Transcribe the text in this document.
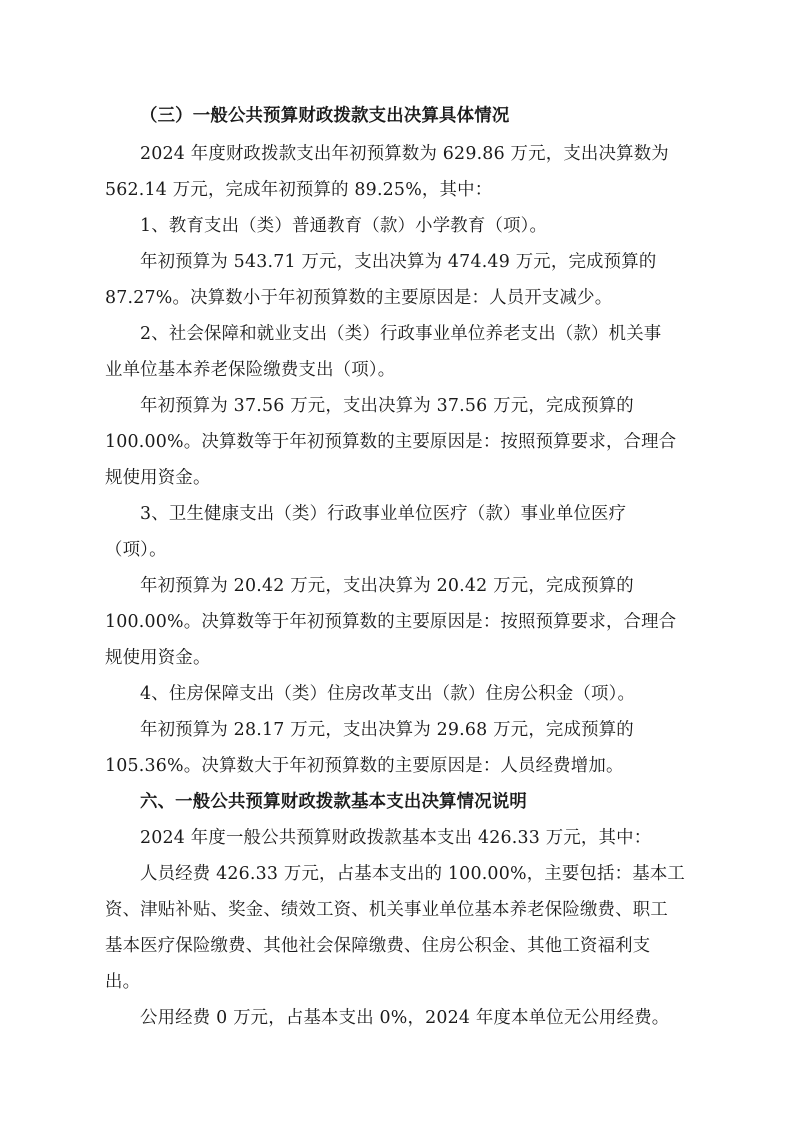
（三）一般公共预算财政拨款支出决算具体情况
2024 年度财政拨款支出年初预算数为 629.86 万元，支出决算数为
562.14 万元，完成年初预算的 89.25%，其中：
1、教育支出（类）普通教育（款）小学教育（项）。
年初预算为 543.71 万元，支出决算为 474.49 万元，完成预算的
87.27%。决算数小于年初预算数的主要原因是：人员开支减少。
2、社会保障和就业支出（类）行政事业单位养老支出（款）机关事
业单位基本养老保险缴费支出（项）。
年初预算为 37.56 万元，支出决算为 37.56 万元，完成预算的
100.00%。决算数等于年初预算数的主要原因是：按照预算要求，合理合
规使用资金。
3、卫生健康支出（类）行政事业单位医疗（款）事业单位医疗
（项）。
年初预算为 20.42 万元，支出决算为 20.42 万元，完成预算的
100.00%。决算数等于年初预算数的主要原因是：按照预算要求，合理合
规使用资金。
4、住房保障支出（类）住房改革支出（款）住房公积金（项）。
年初预算为 28.17 万元，支出决算为 29.68 万元，完成预算的
105.36%。决算数大于年初预算数的主要原因是：人员经费增加。
六、一般公共预算财政拨款基本支出决算情况说明
2024 年度一般公共预算财政拨款基本支出 426.33 万元，其中：
人员经费 426.33 万元，占基本支出的 100.00%，主要包括：基本工
资、津贴补贴、奖金、绩效工资、机关事业单位基本养老保险缴费、职工
基本医疗保险缴费、其他社会保障缴费、住房公积金、其他工资福利支
出。
公用经费 0 万元，占基本支出 0%，2024 年度本单位无公用经费。
